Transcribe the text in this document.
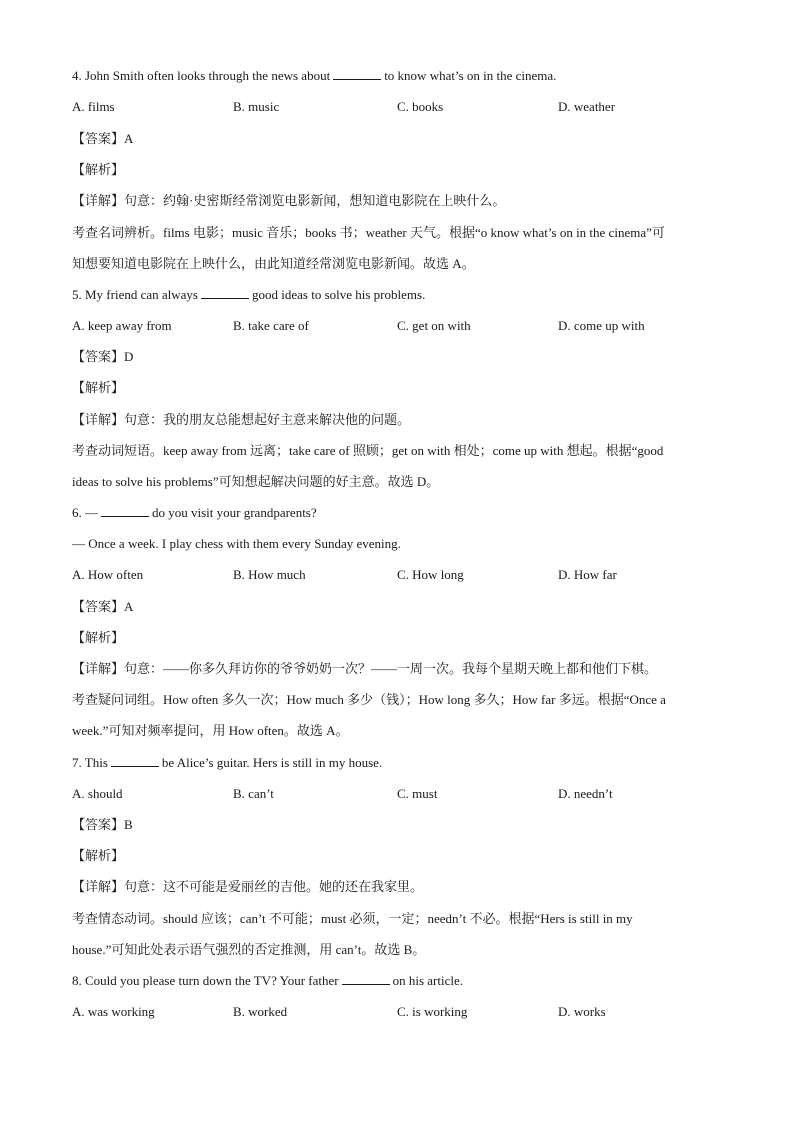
4. John Smith often looks through the news about	to know what’s on in the cinema.
A. films	B. music	C. books	D. weather
【答案】A
【解析】
【详解】句意：约翰·史密斯经常浏览电影新闻，想知道电影院在上映什么。
考查名词辨析。films 电影；music 音乐；books 书；weather 天气。根据“o know what’s on in the cinema”可
知想要知道电影院在上映什么，由此知道经常浏览电影新闻。故选 A。
5. My friend can always	good ideas to solve his problems.
A. keep away from	B. take care of	C. get on with	D. come up with
【答案】D
【解析】
【详解】句意：我的朋友总能想起好主意来解决他的问题。
考查动词短语。keep away from 远离；take care of 照顾；get on with 相处；come up with 想起。根据“good
ideas to solve his problems”可知想起解决问题的好主意。故选 D。
6. —	do you visit your grandparents?
— Once a week. I play chess with them every Sunday evening.
A. How often	B. How much	C. How long	D. How far
【答案】A
【解析】
【详解】句意：——你多久拜访你的爷爷奶奶一次？——一周一次。我每个星期天晚上都和他们下棋。
考查疑问词组。How often 多久一次；How much 多少（钱）；How long 多久；How far 多远。根据“Once a
week.”可知对频率提问，用 How often。故选 A。
7. This	be Alice’s guitar. Hers is still in my house.
A. should	B. can’t	C. must	D. needn’t
【答案】B
【解析】
【详解】句意：这不可能是爱丽丝的吉他。她的还在我家里。
考查情态动词。should 应该；can’t 不可能；must 必须，一定；needn’t 不必。根据“Hers is still in my
house.”可知此处表示语气强烈的否定推测，用 can’t。故选 B。
8. Could you please turn down the TV? Your father	on his article.
A. was working	B. worked	C. is working	D. works
